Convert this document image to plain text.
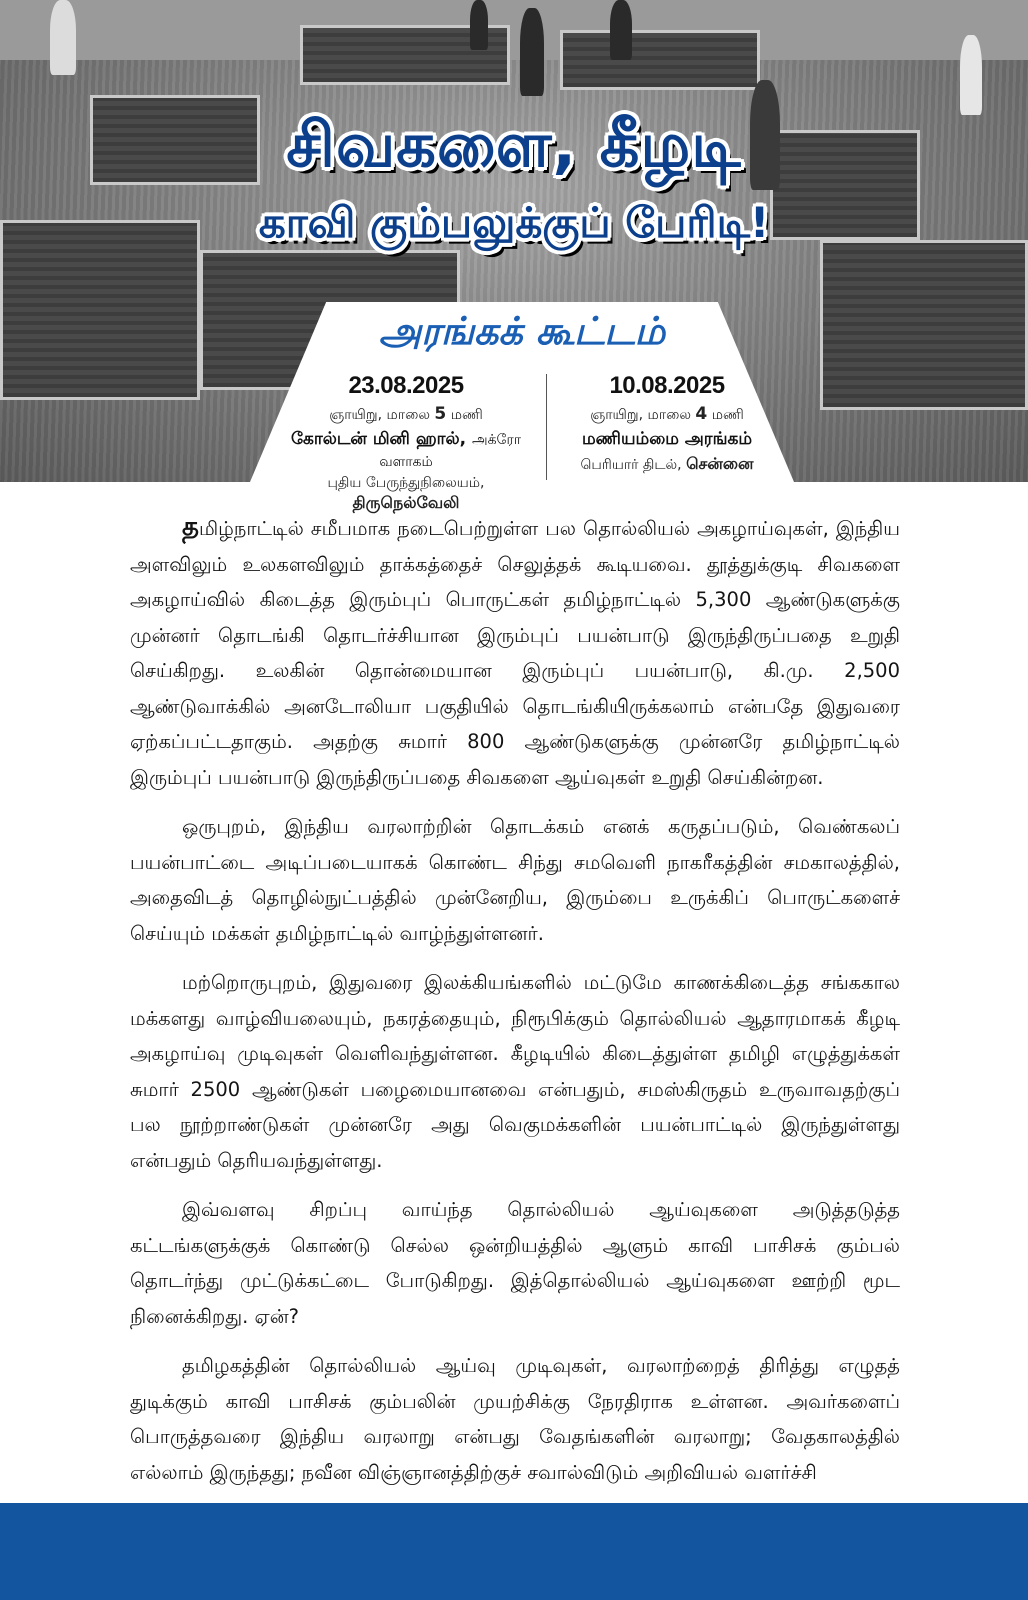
சிவகளை, கீழடி
காவி கும்பலுக்குப் பேரிடி!
அரங்கக் கூட்டம்
23.08.2025
ஞாயிறு, மாலை 5 மணி
கோல்டன் மினி ஹால், அக்ரோ வளாகம்
புதிய பேருந்துநிலையம், திருநெல்வேலி
10.08.2025
ஞாயிறு, மாலை 4 மணி
மணியம்மை அரங்கம்
பெரியார் திடல், சென்னை

தமிழ்நாட்டில் சமீபமாக நடைபெற்றுள்ள பல தொல்லியல் அகழாய்வுகள், இந்திய அளவிலும் உலகளவிலும் தாக்கத்தைச் செலுத்தக் கூடியவை. தூத்துக்குடி சிவகளை அகழாய்வில் கிடைத்த இரும்புப் பொருட்கள் தமிழ்நாட்டில் 5,300 ஆண்டுகளுக்கு முன்னர் தொடங்கி தொடர்ச்சியான இரும்புப் பயன்பாடு இருந்திருப்பதை உறுதி செய்கிறது. உலகின் தொன்மையான இரும்புப் பயன்பாடு, கி.மு. 2,500 ஆண்டுவாக்கில் அனடோலியா பகுதியில் தொடங்கியிருக்கலாம் என்பதே இதுவரை ஏற்கப்பட்டதாகும். அதற்கு சுமார் 800 ஆண்டுகளுக்கு முன்னரே தமிழ்நாட்டில் இரும்புப் பயன்பாடு இருந்திருப்பதை சிவகளை ஆய்வுகள் உறுதி செய்கின்றன.

ஒருபுறம், இந்திய வரலாற்றின் தொடக்கம் எனக் கருதப்படும், வெண்கலப் பயன்பாட்டை அடிப்படையாகக் கொண்ட சிந்து சமவெளி நாகரீகத்தின் சமகாலத்தில், அதைவிடத் தொழில்நுட்பத்தில் முன்னேறிய, இரும்பை உருக்கிப் பொருட்களைச் செய்யும் மக்கள் தமிழ்நாட்டில் வாழ்ந்துள்ளனர்.

மற்றொருபுறம், இதுவரை இலக்கியங்களில் மட்டுமே காணக்கிடைத்த சங்ககால மக்களது வாழ்வியலையும், நகரத்தையும், நிரூபிக்கும் தொல்லியல் ஆதாரமாகக் கீழடி அகழாய்வு முடிவுகள் வெளிவந்துள்ளன. கீழடியில் கிடைத்துள்ள தமிழி எழுத்துக்கள் சுமார் 2500 ஆண்டுகள் பழைமையானவை என்பதும், சமஸ்கிருதம் உருவாவதற்குப் பல நூற்றாண்டுகள் முன்னரே அது வெகுமக்களின் பயன்பாட்டில் இருந்துள்ளது என்பதும் தெரியவந்துள்ளது.

இவ்வளவு சிறப்பு வாய்ந்த தொல்லியல் ஆய்வுகளை அடுத்தடுத்த கட்டங்களுக்குக் கொண்டு செல்ல ஒன்றியத்தில் ஆளும் காவி பாசிசக் கும்பல் தொடர்ந்து முட்டுக்கட்டை போடுகிறது. இத்தொல்லியல் ஆய்வுகளை ஊற்றி மூட நினைக்கிறது. ஏன்?

தமிழகத்தின் தொல்லியல் ஆய்வு முடிவுகள், வரலாற்றைத் திரித்து எழுதத் துடிக்கும் காவி பாசிசக் கும்பலின் முயற்சிக்கு நேரதிராக உள்ளன. அவர்களைப் பொருத்தவரை இந்திய வரலாறு என்பது வேதங்களின் வரலாறு; வேதகாலத்தில் எல்லாம் இருந்தது; நவீன விஞ்ஞானத்திற்குச் சவால்விடும் அறிவியல் வளர்ச்சி
